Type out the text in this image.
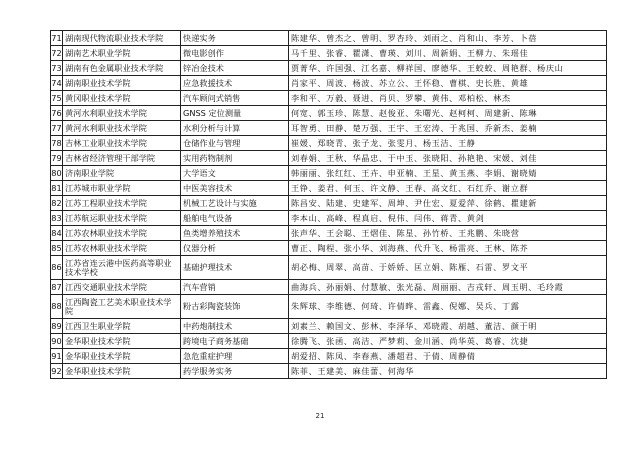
71	湖南现代物流职业技术学院	快递实务	陈建华、曾杰之、曾明、罗杏玲、刘雨之、肖和山、李芳、卜蓓
72	湖南艺术职业学院	微电影创作	马千里、张睿、瞿潇、曹瑛、刘川、周新娟、王柳力、朱瑶佳
73	湖南有色金属职业技术学院	锌冶金技术	贾菁华、许国强、江名嘉、柳祥国、廖德华、王蛟蛟、周艳群、杨庆山
74	湖南职业技术学院	应急救援技术	肖家平、周波、杨波、苏立公、王怀稳、曹棋、史长胜、黄雄
75	黄冈职业技术学院	汽车顾问式销售	李和平、万毅、聂进、肖贝、罗攀、黄伟、邓柏松、林杰
76	黄河水利职业技术学院	GNSS 定位测量	何宽、郭玉珍、陈慧、赵俊亚、朱曙光、赵柯柯、周建新、陈琳
77	黄河水利职业技术学院	水利分析与计算	耳智勇、田静、楚万强、王宇、王宏涛、于兆国、乔新杰、姜楠
78	吉林工业职业技术学院	仓储作业与管理	崔媛、郑晓青、张子龙、张雯月、杨玉洁、王静
79	吉林省经济管理干部学院	实用药物制剂	刘春娟、王秋、华晶忠、于中玉、张晓阳、孙艳艳、宋媛、刘佳
80	济南职业学院	大学语文	韩丽丽、张红红、王卉、申亚楠、王星、黄玉燕、李娟、谢晓婧
81	江苏城市职业学院	中医美容技术	王铮、姜君、何玉、许文静、王春、高文红、石红乔、谢立群
82	江苏工程职业技术学院	机械工艺设计与实施	陈昌安、陆建、史建军、周坤、尹仕宏、夏爱萍、徐鹤、瞿建新
83	江苏航运职业技术学院	船舶电气设备	李本山、高峰、程真启、倪伟、闫伟、蒋青、黄剑
84	江苏农林职业技术学院	鱼类增养殖技术	张声华、王会聪、王熠佳、陈星、孙竹桥、王兆鹏、朱晓营
85	江苏农林职业技术学院	仪器分析	曹正、陶程、张小华、刘海燕、代升飞、杨雷亮、王林、陈芥
86	江苏省连云港中医药高等职业技术学校	基础护理技术	胡必梅、周翠、高苗、于娇娇、匡立娟、陈雁、石雷、罗文平
87	江西交通职业技术学院	汽车营销	曲海兵、孙丽娟、付慧敏、张光磊、周丽丽、吉戎轩、周玉明、毛玲霞
88	江西陶瓷工艺美术职业技术学院	粉古彩陶瓷装饰	朱辉球、李维德、何琦、许倩晔、雷鑫、倪娜、吴兵、丁露
89	江西卫生职业学院	中药炮制技术	刘素兰、赖国文、彭林、李泽华、邓晓霞、胡越、董洁、颜于明
90	金华职业技术学院	跨境电子商务基础	徐腾飞、张函、高洁、严梦莉、金川涵、尚华英、葛睿、沈捷
91	金华职业技术学院	急危重症护理	胡爱招、陈凤、李春燕、潘超君、于倩、周静倩
92	金华职业技术学院	药学服务实务	陈菲、王建美、麻佳蕾、何海华
21
